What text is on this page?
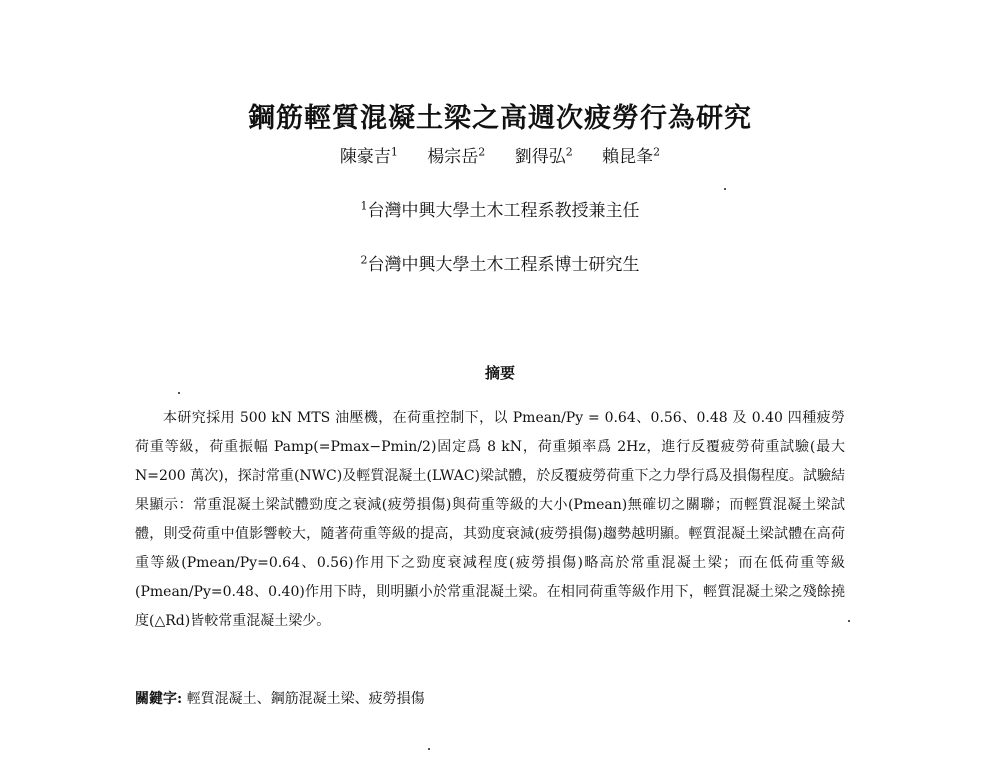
鋼筋輕質混凝土梁之高週次疲勞行為研究
陳豪吉$^1$ 楊宗岳$^2$ 劉得弘$^2$ 賴昆夆$^2$
$^1$台灣中興大學土木工程系教授兼主任
$^2$台灣中興大學土木工程系博士研究生
摘要
本研究採用 500 kN MTS 油壓機，在荷重控制下，以 Pmean/Py = 0.64、0.56、0.48 及 0.40 四種疲勞荷重等級，荷重振幅 Pamp(=Pmax−Pmin/2)固定爲 8 kN，荷重頻率爲 2Hz，進行反覆疲勞荷重試驗(最大 N=200 萬次)，探討常重(NWC)及輕質混凝土(LWAC)梁試體，於反覆疲勞荷重下之力學行爲及損傷程度。試驗結果顯示：常重混凝土梁試體勁度之衰減(疲勞損傷)與荷重等級的大小(Pmean)無確切之關聯；而輕質混凝土梁試體，則受荷重中值影響較大，隨著荷重等級的提高，其勁度衰減(疲勞損傷)趨勢越明顯。輕質混凝土梁試體在高荷重等級(Pmean/Py=0.64、0.56)作用下之勁度衰減程度(疲勞損傷)略高於常重混凝土梁；而在低荷重等級(Pmean/Py=0.48、0.40)作用下時，則明顯小於常重混凝土梁。在相同荷重等級作用下，輕質混凝土梁之殘餘撓度(△Rd)皆較常重混凝土梁少。
關鍵字: 輕質混凝土、鋼筋混凝土梁、疲勞損傷
